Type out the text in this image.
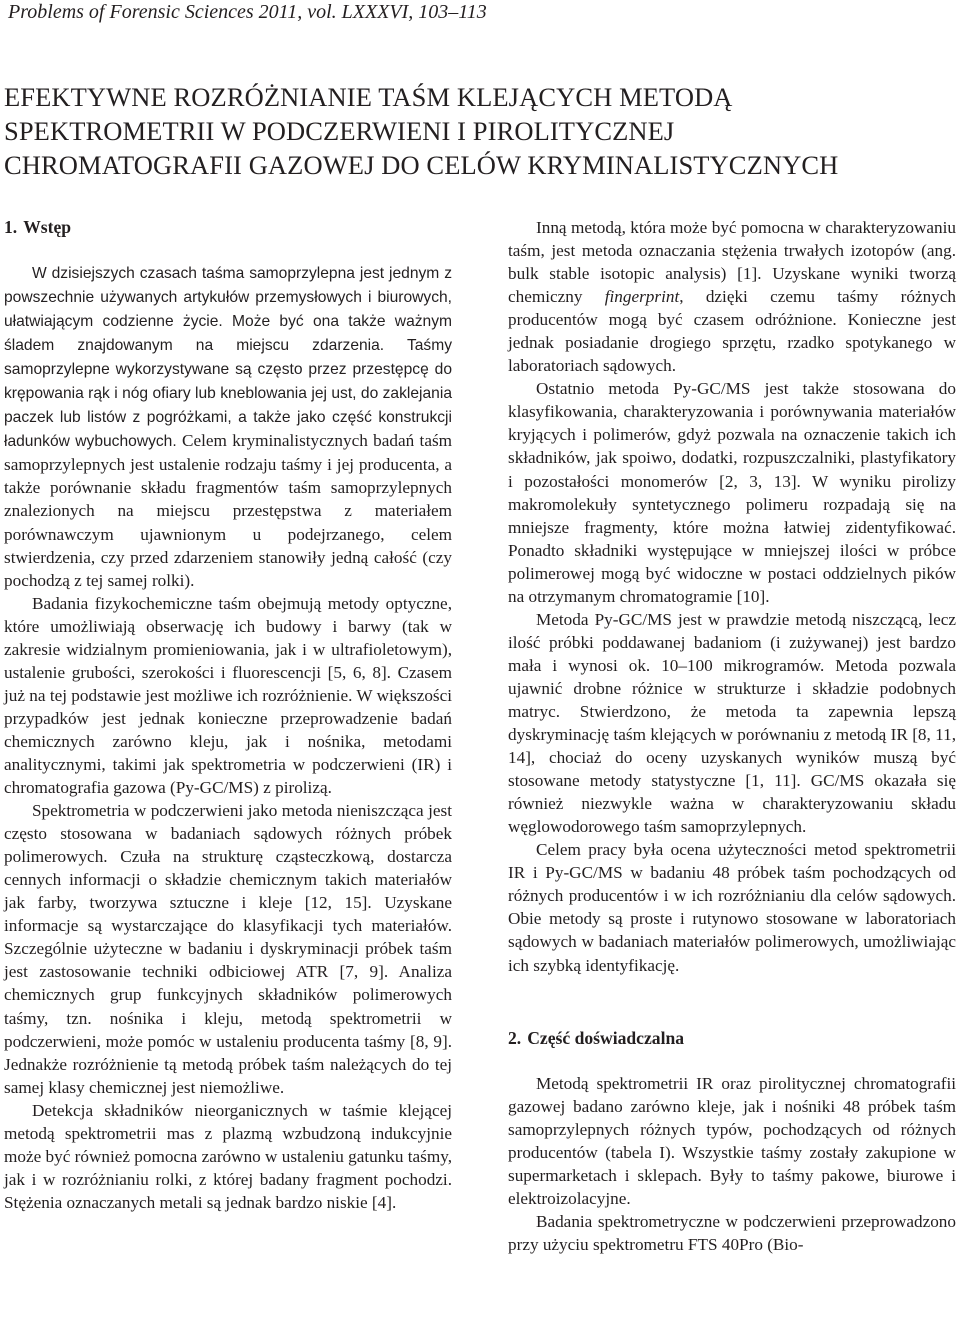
Problems of Forensic Sciences 2011, vol. LXXXVI, 103–113

EFEKTYWNE ROZRÓŻNIANIE TAŚM KLEJĄCYCH METODĄ
SPEKTROMETRII W PODCZERWIENI I PIROLITYCZNEJ
CHROMATOGRAFII GAZOWEJ DO CELÓW KRYMINALISTYCZNYCH
1. Wstęp

W dzisiejszych czasach taśma samoprzylepna jest jednym z powszechnie używanych artykułów przemysłowych i biurowych, ułatwiającym codzienne życie. Może być ona także ważnym śladem znajdowanym na miejscu zdarzenia. Taśmy samoprzylepne wykorzystywane są często przez przestępcę do krępowania rąk i nóg ofiary lub kneblowania jej ust, do zaklejania paczek lub listów z pogróżkami, a także jako część konstrukcji ładunków wybuchowych. Celem kryminalistycznych badań taśm samoprzylepnych jest ustalenie rodzaju taśmy i jej producenta, a także porównanie składu fragmentów taśm samoprzylepnych znalezionych na miejscu przestępstwa z materiałem porównawczym ujawnionym u podejrzanego, celem stwierdzenia, czy przed zdarzeniem stanowiły jedną całość (czy pochodzą z tej samej rolki).

Badania fizykochemiczne taśm obejmują metody optyczne, które umożliwiają obserwację ich budowy i barwy (tak w zakresie widzialnym promieniowania, jak i w ultrafioletowym), ustalenie grubości, szerokości i fluorescencji [5, 6, 8]. Czasem już na tej podstawie jest możliwe ich rozróżnienie. W większości przypadków jest jednak konieczne przeprowadzenie badań chemicznych zarówno kleju, jak i nośnika, metodami analitycznymi, takimi jak spektrometria w podczerwieni (IR) i chromatografia gazowa (Py-GC/MS) z pirolizą.

Spektrometria w podczerwieni jako metoda nieniszcząca jest często stosowana w badaniach sądowych różnych próbek polimerowych. Czuła na strukturę cząsteczkową, dostarcza cennych informacji o składzie chemicznym takich materiałów jak farby, tworzywa sztuczne i kleje [12, 15]. Uzyskane informacje są wystarczające do klasyfikacji tych materiałów. Szczególnie użyteczne w badaniu i dyskryminacji próbek taśm jest zastosowanie techniki odbiciowej ATR [7, 9]. Analiza chemicznych grup funkcyjnych składników polimerowych taśmy, tzn. nośnika i kleju, metodą spektrometrii w podczerwieni, może pomóc w ustaleniu producenta taśmy [8, 9]. Jednakże rozróżnienie tą metodą próbek taśm należących do tej samej klasy chemicznej jest niemożliwe.

Detekcja składników nieorganicznych w taśmie klejącej metodą spektrometrii mas z plazmą wzbudzoną indukcyjnie może być również pomocna zarówno w ustaleniu gatunku taśmy, jak i w rozróżnianiu rolki, z której badany fragment pochodzi. Stężenia oznaczanych metali są jednak bardzo niskie [4].

Inną metodą, która może być pomocna w charakteryzowaniu taśm, jest metoda oznaczania stężenia trwałych izotopów (ang. bulk stable isotopic analysis) [1]. Uzyskane wyniki tworzą chemiczny fingerprint, dzięki czemu taśmy różnych producentów mogą być czasem odróżnione. Konieczne jest jednak posiadanie drogiego sprzętu, rzadko spotykanego w laboratoriach sądowych.

Ostatnio metoda Py-GC/MS jest także stosowana do klasyfikowania, charakteryzowania i porównywania materiałów kryjących i polimerów, gdyż pozwala na oznaczenie takich ich składników, jak spoiwo, dodatki, rozpuszczalniki, plastyfikatory i pozostałości monomerów [2, 3, 13]. W wyniku pirolizy makromolekuły syntetycznego polimeru rozpadają się na mniejsze fragmenty, które można łatwiej zidentyfikować. Ponadto składniki występujące w mniejszej ilości w próbce polimerowej mogą być widoczne w postaci oddzielnych pików na otrzymanym chromatogramie [10].

Metoda Py-GC/MS jest w prawdzie metodą niszczącą, lecz ilość próbki poddawanej badaniom (i zużywanej) jest bardzo mała i wynosi ok. 10–100 mikrogramów. Metoda pozwala ujawnić drobne różnice w strukturze i składzie podobnych matryc. Stwierdzono, że metoda ta zapewnia lepszą dyskryminację taśm klejących w porównaniu z metodą IR [8, 11, 14], chociaż do oceny uzyskanych wyników muszą być stosowane metody statystyczne [1, 11]. GC/MS okazała się również niezwykle ważna w charakteryzowaniu składu węglowodorowego taśm samoprzylepnych.

Celem pracy była ocena użyteczności metod spektrometrii IR i Py-GC/MS w badaniu 48 próbek taśm pochodzących od różnych producentów i w ich rozróżnianiu dla celów sądowych. Obie metody są proste i rutynowo stosowane w laboratoriach sądowych w badaniach materiałów polimerowych, umożliwiając ich szybką identyfikację.

2. Część doświadczalna

Metodą spektrometrii IR oraz pirolitycznej chromatografii gazowej badano zarówno kleje, jak i nośniki 48 próbek taśm samoprzylepnych różnych typów, pochodzących od różnych producentów (tabela I). Wszystkie taśmy zostały zakupione w supermarketach i sklepach. Były to taśmy pakowe, biurowe i elektroizolacyjne.

Badania spektrometryczne w podczerwieni przeprowadzono przy użyciu spektrometru FTS 40Pro (Bio-
